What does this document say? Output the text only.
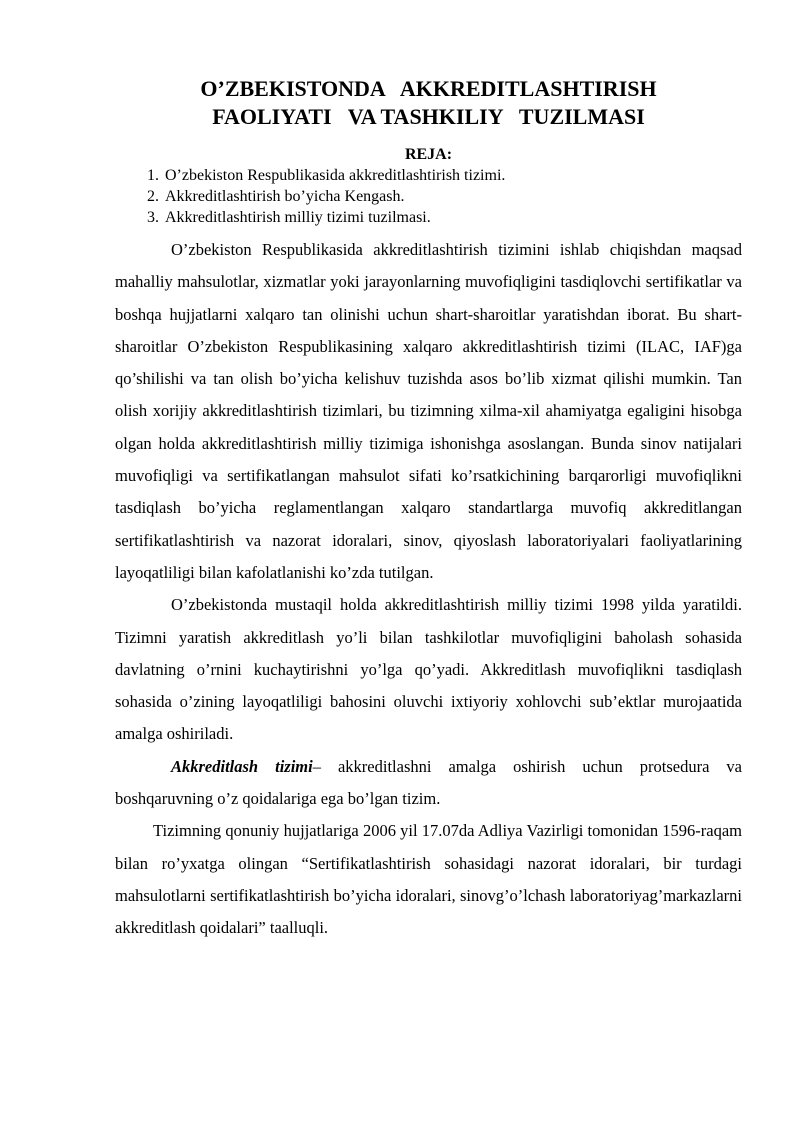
O’ZBEKISTONDA   AKKREDITLASHTIRISH
FAOLIYATI   VA TASHKILIY   TUZILMASI

REJA:

1. O’zbekiston Respublikasida akkreditlashtirish tizimi.
2. Akkreditlashtirish bo’yicha Kengash.
3. Akkreditlashtirish milliy tizimi tuzilmasi.

O’zbekiston Respublikasida akkreditlashtirish tizimini ishlab chiqishdan maqsad mahalliy mahsulotlar, xizmatlar yoki jarayonlarning muvofiqligini tasdiqlovchi sertifikatlar va boshqa hujjatlarni xalqaro tan olinishi uchun shart-sharoitlar yaratishdan iborat. Bu shart-sharoitlar O’zbekiston Respublikasining xalqaro akkreditlashtirish tizimi (ILAC, IAF)ga qo’shilishi va tan olish bo’yicha kelishuv tuzishda asos bo’lib xizmat qilishi mumkin. Tan olish xorijiy akkreditlashtirish tizimlari, bu tizimning xilma-xil ahamiyatga egaligini hisobga olgan holda akkreditlashtirish milliy tizimiga ishonishga asoslangan. Bunda sinov natijalari muvofiqligi va sertifikatlangan mahsulot sifati ko’rsatkichining barqarorligi muvofiqlikni tasdiqlash bo’yicha reglamentlangan xalqaro standartlarga muvofiq akkreditlangan sertifikatlashtirish va nazorat idoralari, sinov, qiyoslash laboratoriyalari faoliyatlarining layoqatliligi bilan kafolatlanishi ko’zda tutilgan.

O’zbekistonda mustaqil holda akkreditlashtirish milliy tizimi 1998 yilda yaratildi. Tizimni yaratish akkreditlash yo’li bilan tashkilotlar muvofiqligini baholash sohasida davlatning o’rnini kuchaytirishni yo’lga qo’yadi. Akkreditlash muvofiqlikni tasdiqlash sohasida o’zining layoqatliligi bahosini oluvchi ixtiyoriy xohlovchi sub’ektlar murojaatida amalga oshiriladi.

Akkreditlash tizimi– akkreditlashni amalga oshirish uchun protsedura va boshqaruvning o’z qoidalariga ega bo’lgan tizim.

Tizimning qonuniy hujjatlariga 2006 yil 17.07da Adliya Vazirligi tomonidan 1596-raqam bilan ro’yxatga olingan “Sertifikatlashtirish sohasidagi nazorat idoralari, bir turdagi mahsulotlarni sertifikatlashtirish bo’yicha idoralari, sinovg’o’lchash laboratoriyag’markazlarni akkreditlash qoidalari” taalluqli.
